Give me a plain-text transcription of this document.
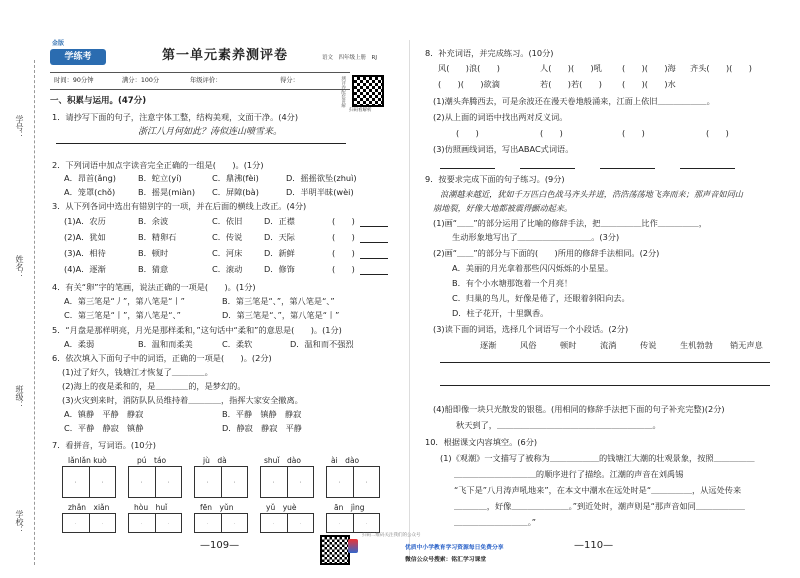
学号：
姓名：
班级：
学校：
金版
学练考	第一单元素养测评卷	语文　四年级上册　RJ
时间：90分钟	满分：100分	年级评价：	得分：	测评卷配套讲解
扫码看解析
一、积累与运用。(47分)
1．请抄写下面的句子，注意字体工整，结构美观，文面干净。(4分)
浙江八月何如此？涛似连山喷雪来。
2．下列词语中加点字读音完全正确的一组是(　　)。(1分)
A．昂首(ǎng)	B．蛇立(yí)	C．鼎沸(fèi)	D．摇摇欲坠(zhuì)
A．笼罩(chǒ)	B．摇晃(miàn) C．屏障(bà)	D．半明半昧(wèi)
3．从下列各词中选出有错别字的一项，并在后面的横线上改正。(4分)
(1)A．农历	B．余波	C．依旧	D．正襟	(　　)
(2)A．犹如	B．精卵石	C．传说	D．天际	(　　)
(3)A．相待	B．顿时	C．河床	D．新鲜	(　　)
(4)A．逐渐	B．猜意	C．滚动	D．修饰	(　　)
4．有关“卵”字的笔画，说法正确的一项是(　　)。(1分)
A．第三笔是“丿”，第八笔是“丨”	B．第三笔是“、”，第八笔是“、”
C．第三笔是“丨”，第八笔是“、”	D．第三笔是“、”，第八笔是“丨”
5．“月盘是那样明亮，月光是那样柔和，”这句话中“柔和”的意思是(　　)。(1分)
A．柔弱	B．温和而柔美	C．柔软	D．温和而不强烈
6．依次填入下面句子中的词语，正确的一项是(　　)。(2分)
(1)过了好久，钱塘江才恢复了＿＿＿＿。
(2)海上的夜是柔和的，是＿＿＿＿的，是梦幻的。
(3)火灾到来时，消防队队员维持着＿＿＿＿，指挥大家安全撤离。
A．镇静　平静　静寂	B．平静　镇静　静寂
C．平静　静寂　镇静	D．静寂　静寂　平静
7．看拼音，写词语。(10分)
lǎnlǎn kuò	pú　táo	jù　dà	shuǐ　dào	ài　dào
zhǎn　xiǎn	hòu　huǐ	fēn　yǔn	yǔ　yuè	ān　jìng
—109—
8．补充词语，并完成练习。(10分)
风(　　)浪(　　)	人(　　)(　　)吼 (　　)(　　)海 齐头(　　)(　　)
(　　)(　　)欲滴	若(　　)若(　　) (　　)(　　)水
(1)潮头奔腾西去，可是余波还在漫天卷地般涌来，江面上依旧＿＿＿＿＿＿。
(2)从上面的词语中找出两对反义词。
(　　)	(　　)	(　　)	(　　)
(3)仿照画线词语，写出ABAC式词语。
9．按要求完成下面的句子练习。(9分)
浪潮越来越近，犹如千万匹白色战马齐头并进，浩浩荡荡地飞奔而来；那声音如同山
崩地裂，好像大地都被震得颤动起来。
(1)画“＿＿”的部分运用了比喻的修辞手法，把＿＿＿＿＿比作＿＿＿＿＿，
生动形象地写出了＿＿＿＿＿＿＿＿＿。(3分)
(2)画“＿＿”的部分与下面的(　　)所用的修辞手法相同。(2分)
A．美丽的月光拿着那些闪闪烁烁的小星星。
B．有个小水塘那饱着一个月亮！
C．归巢的鸟儿，好像是倦了，还眼着斜阳向去。
D．柱子花开，十里飘香。
(3)读下面的词语，选择几个词语写一个小段话。(2分)
逐渐	风俗	顿时	流淌	传说	生机勃勃 销无声息
(4)船即像一块只光散发的银毯。(用相同的修辞手法把下面的句子补充完整)(2分)
秋天到了，＿＿＿＿＿＿＿＿＿＿＿＿＿＿＿＿＿＿＿。
10．根据课文内容填空。(6分)
(1)《观潮》一文描写了被称为＿＿＿＿＿＿的钱塘江大潮的壮观景象，按照＿＿＿＿＿
＿＿＿＿＿＿＿＿＿＿的顺序进行了描绘。江潮的声音在刘禹锡
“飞下是”八月涛声吼地来”，在本文中潮水在远处时是“＿＿＿＿＿，从远处传来
＿＿＿＿，好像＿＿＿＿＿＿＿。”到近处时，潮声则是“那声音如同＿＿＿＿＿＿
＿＿＿＿＿＿＿＿＿。”
—110—
扫码二维码关注我们的公众号
优质中小学教育学习资源每日免费分享
微信公众号搜索：铭汇学习课堂
